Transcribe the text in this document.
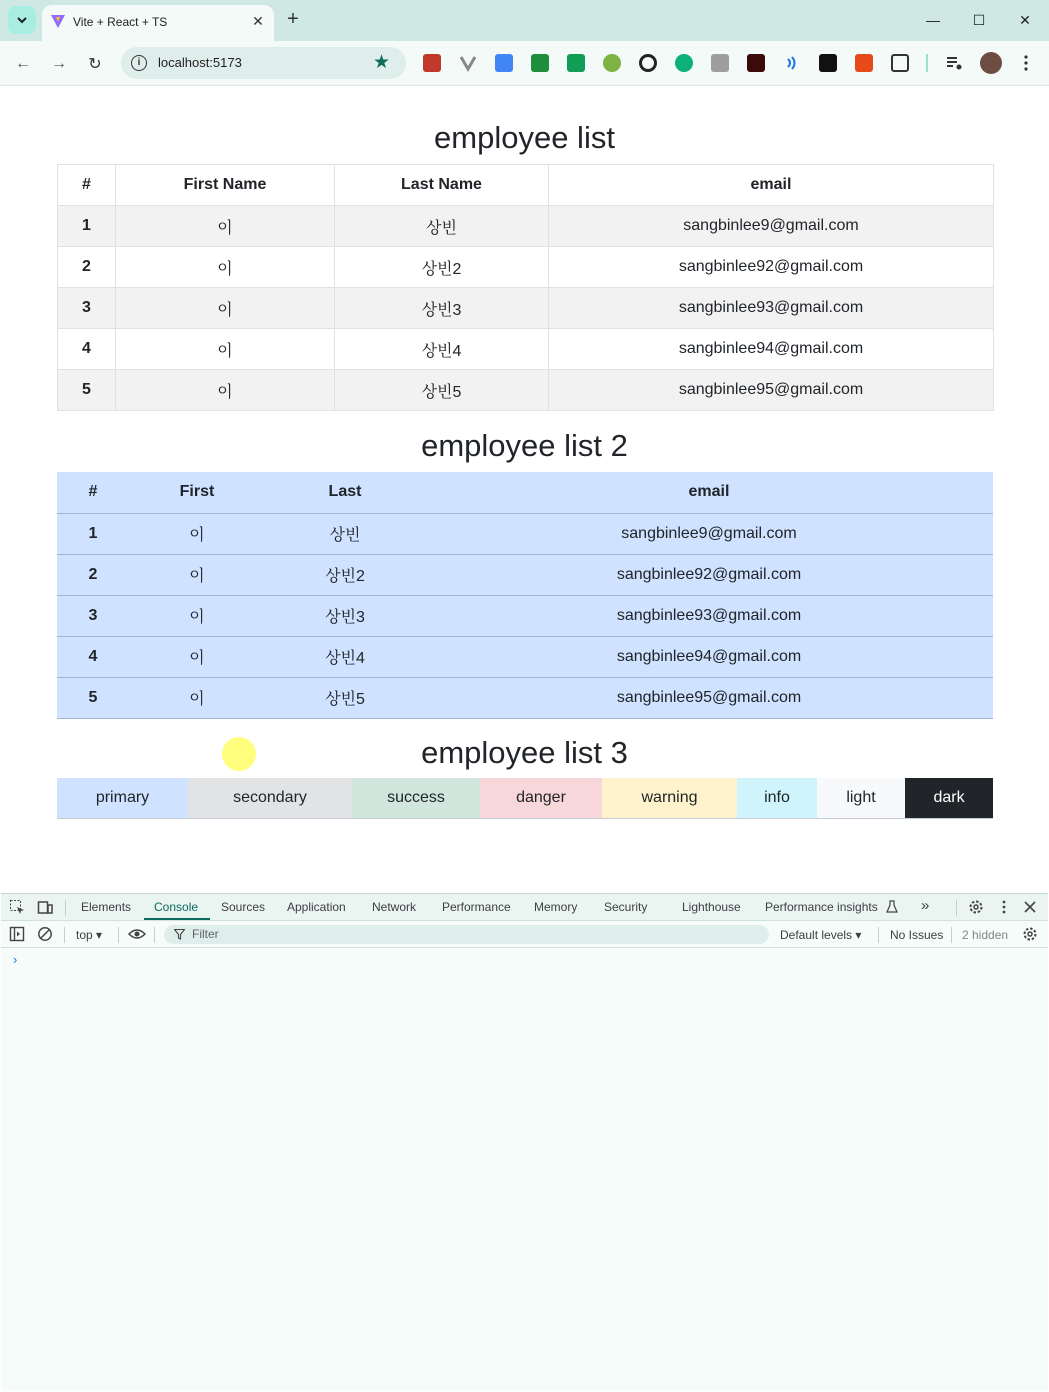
Vite + React + TS	✕ +	—	☐	✕
← →	↻	i	localhost:5173	★
employee list
#	First Name	Last Name	email
1	이	상빈	sangbinlee9@gmail.com
2	이	상빈2	sangbinlee92@gmail.com
3	이	상빈3	sangbinlee93@gmail.com
4	이	상빈4	sangbinlee94@gmail.com
5	이	상빈5	sangbinlee95@gmail.com
employee list 2
#	First	Last	email
1	이	상빈	sangbinlee9@gmail.com
2	이	상빈2	sangbinlee92@gmail.com
3	이	상빈3	sangbinlee93@gmail.com
4	이	상빈4	sangbinlee94@gmail.com
5	이	상빈5	sangbinlee95@gmail.com
employee list 3
primary	secondary	success	danger	warning	info	light	dark
Elements Console Sources Application Network Performance Memory Security	Lighthouse Performance insights	»
top ▾	Filter	Default levels ▾ No Issues 2 hidden
›
